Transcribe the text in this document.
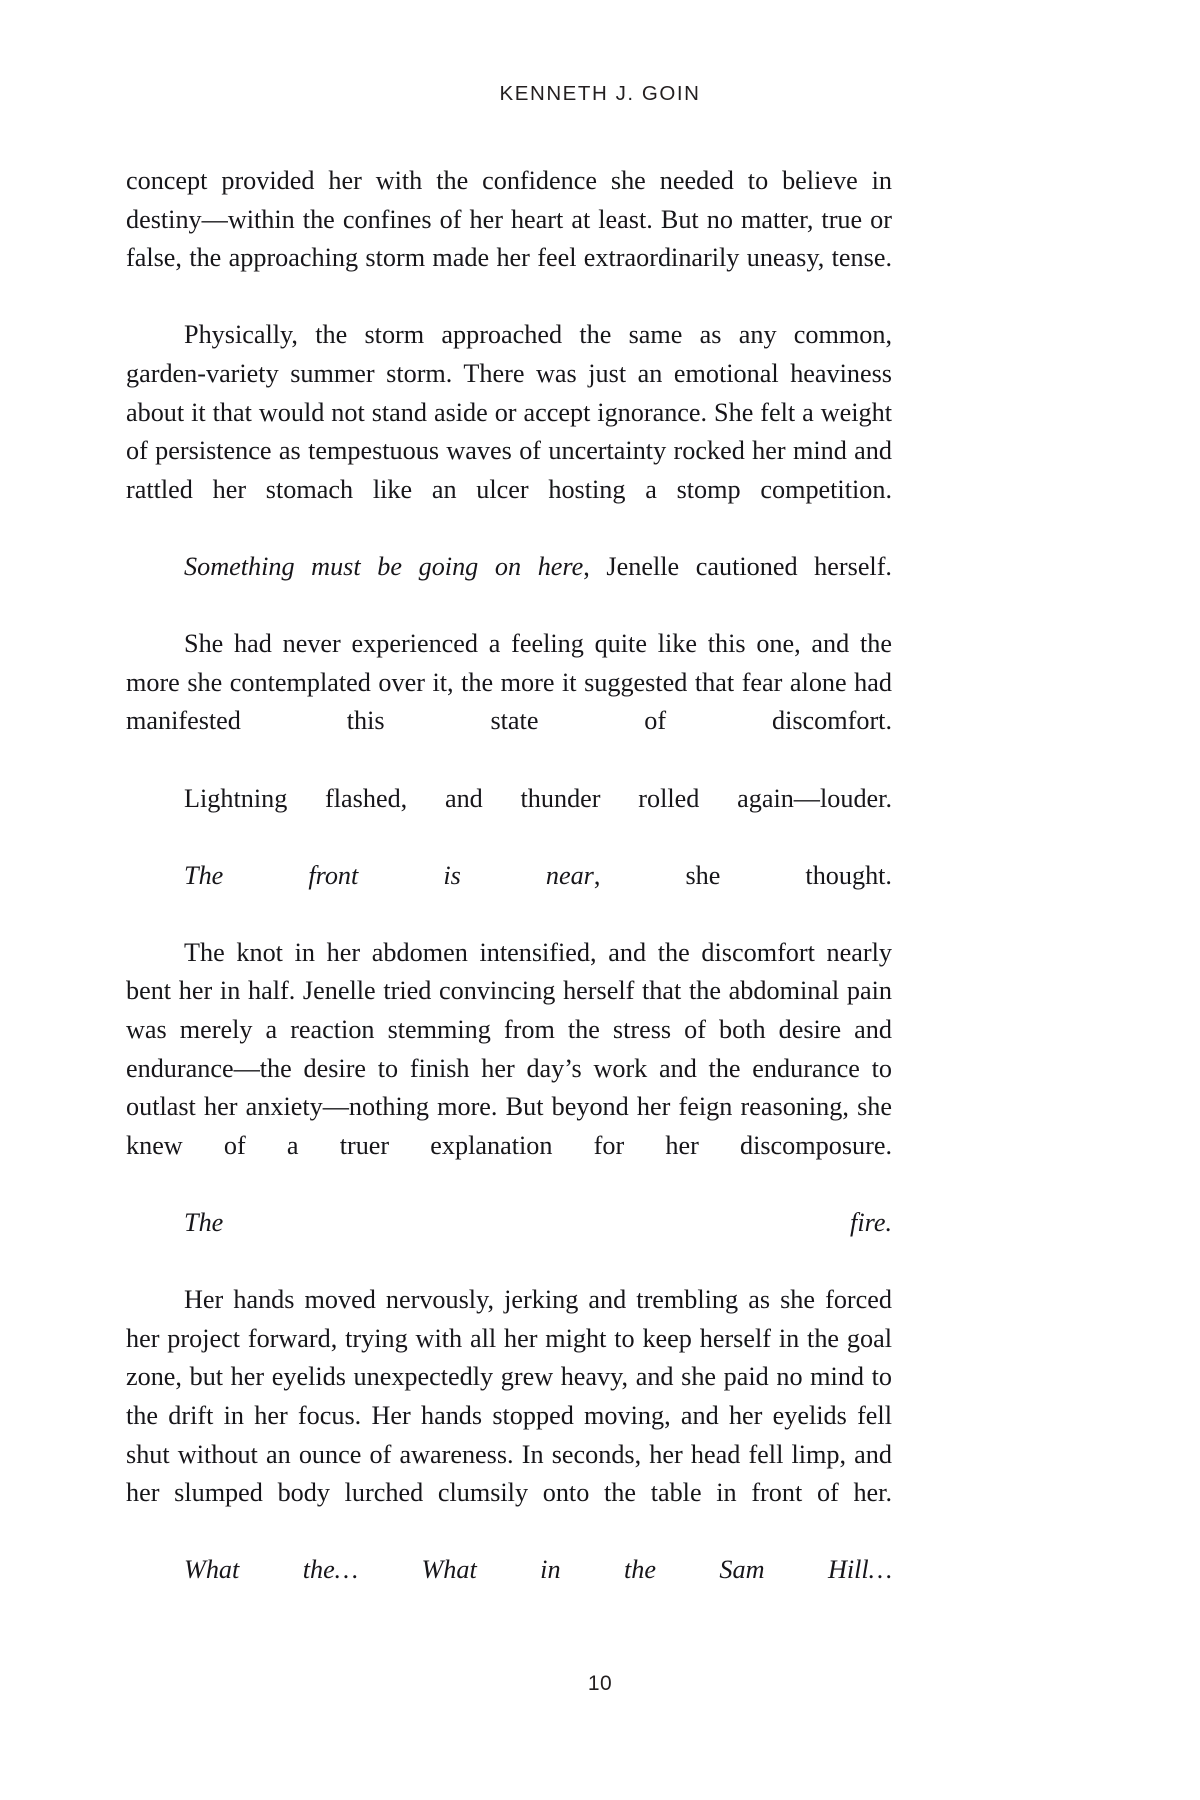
KENNETH J. GOIN

concept provided her with the confidence she needed to believe in destiny—within the confines of her heart at least. But no matter, true or false, the approaching storm made her feel extraordinarily uneasy, tense.

Physically, the storm approached the same as any common, garden-variety summer storm. There was just an emotional heaviness about it that would not stand aside or accept ignorance. She felt a weight of persistence as tempestuous waves of uncertainty rocked her mind and rattled her stomach like an ulcer hosting a stomp competition.

Something must be going on here, Jenelle cautioned herself.

She had never experienced a feeling quite like this one, and the more she contemplated over it, the more it suggested that fear alone had manifested this state of discomfort.

Lightning flashed, and thunder rolled again—louder.

The front is near, she thought.

The knot in her abdomen intensified, and the discomfort nearly bent her in half. Jenelle tried convincing herself that the abdominal pain was merely a reaction stemming from the stress of both desire and endurance—the desire to finish her day’s work and the endurance to outlast her anxiety—nothing more. But beyond her feign reasoning, she knew of a truer explanation for her discomposure.

The fire.

Her hands moved nervously, jerking and trembling as she forced her project forward, trying with all her might to keep herself in the goal zone, but her eyelids unexpectedly grew heavy, and she paid no mind to the drift in her focus. Her hands stopped moving, and her eyelids fell shut without an ounce of awareness. In seconds, her head fell limp, and her slumped body lurched clumsily onto the table in front of her.

What the… What in the Sam Hill…

10
